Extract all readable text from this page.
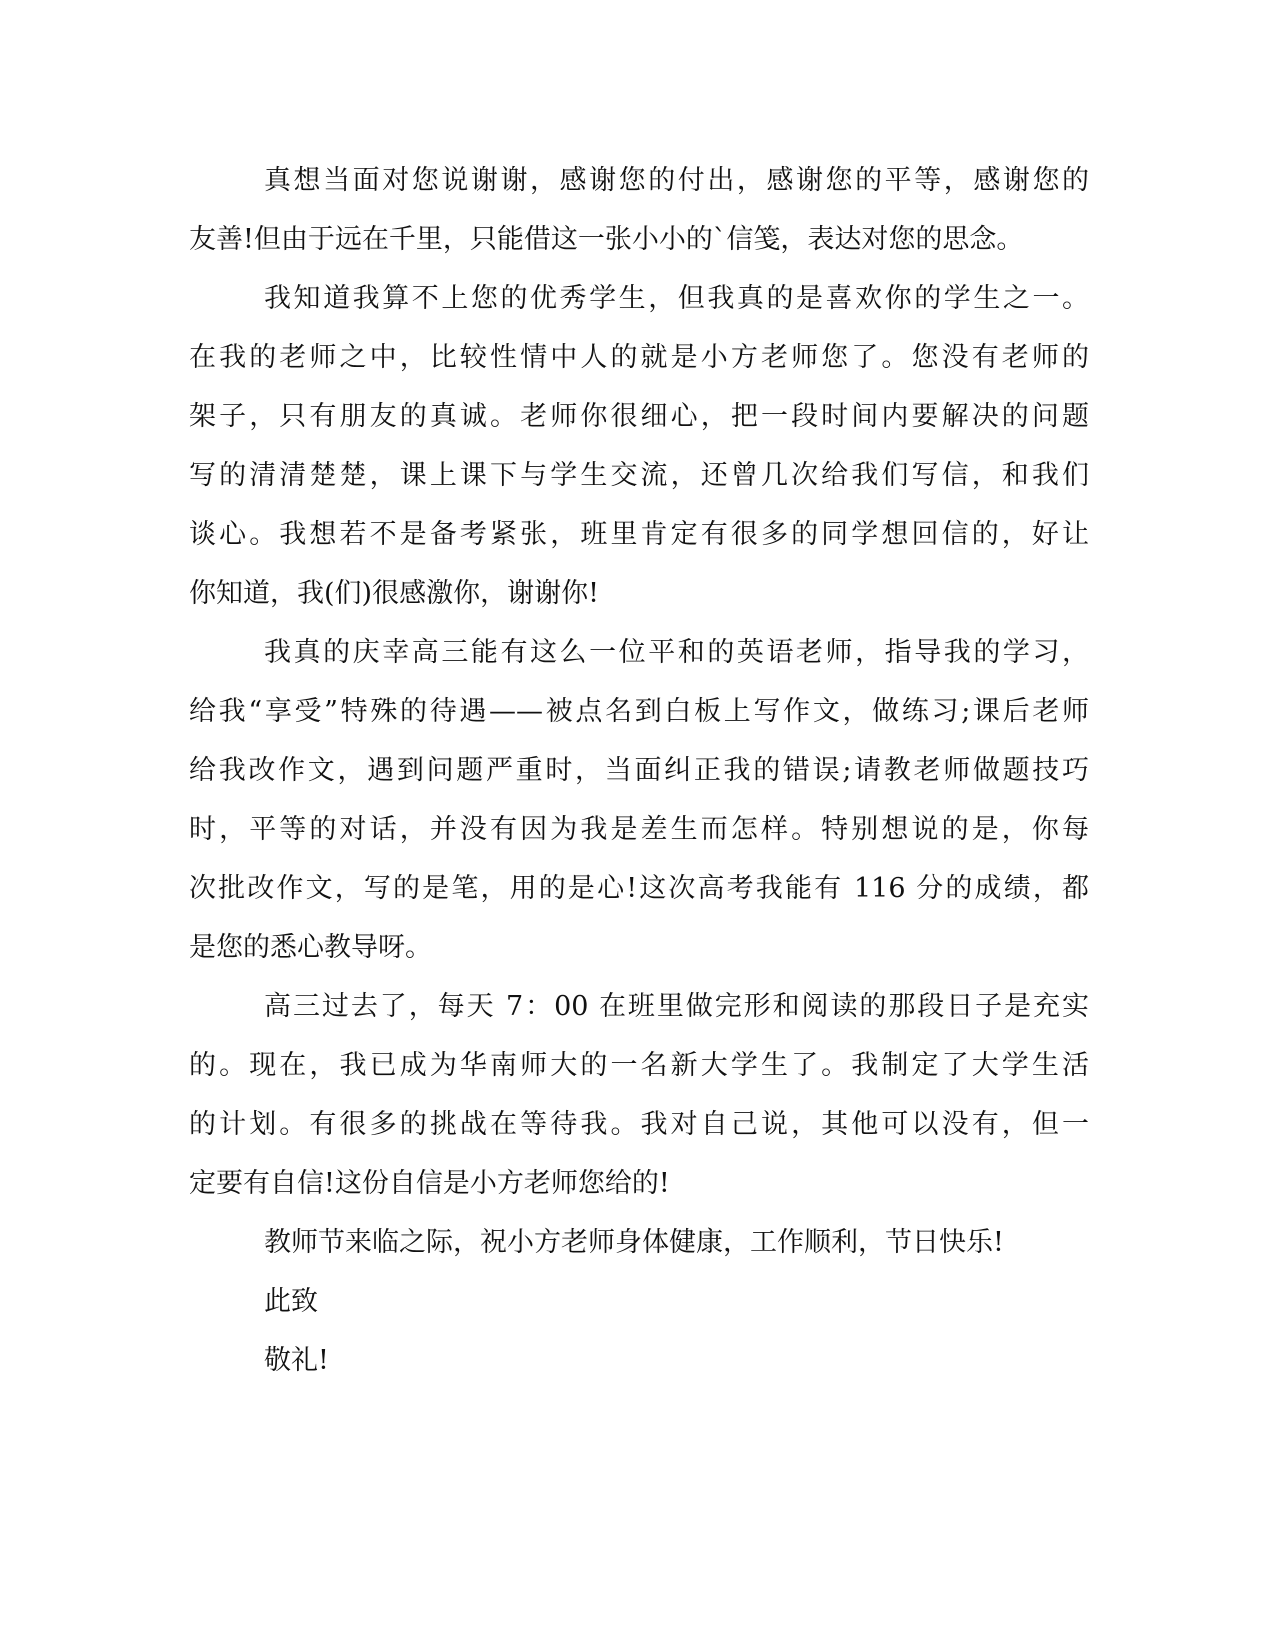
真想当面对您说谢谢，感谢您的付出，感谢您的平等，感谢您的
友善!但由于远在千里，只能借这一张小小的`信笺，表达对您的思念。
我知道我算不上您的优秀学生，但我真的是喜欢你的学生之一。
在我的老师之中，比较性情中人的就是小方老师您了。您没有老师的
架子，只有朋友的真诚。老师你很细心，把一段时间内要解决的问题
写的清清楚楚，课上课下与学生交流，还曾几次给我们写信，和我们
谈心。我想若不是备考紧张，班里肯定有很多的同学想回信的，好让
你知道，我(们)很感激你，谢谢你!
我真的庆幸高三能有这么一位平和的英语老师，指导我的学习，
给我“享受”特殊的待遇——被点名到白板上写作文，做练习;课后老师
给我改作文，遇到问题严重时，当面纠正我的错误;请教老师做题技巧
时，平等的对话，并没有因为我是差生而怎样。特别想说的是，你每
次批改作文，写的是笔，用的是心!这次高考我能有 116 分的成绩，都
是您的悉心教导呀。
高三过去了，每天 7：00 在班里做完形和阅读的那段日子是充实
的。现在，我已成为华南师大的一名新大学生了。我制定了大学生活
的计划。有很多的挑战在等待我。我对自己说，其他可以没有，但一
定要有自信!这份自信是小方老师您给的!
教师节来临之际，祝小方老师身体健康，工作顺利，节日快乐!
此致
敬礼!
